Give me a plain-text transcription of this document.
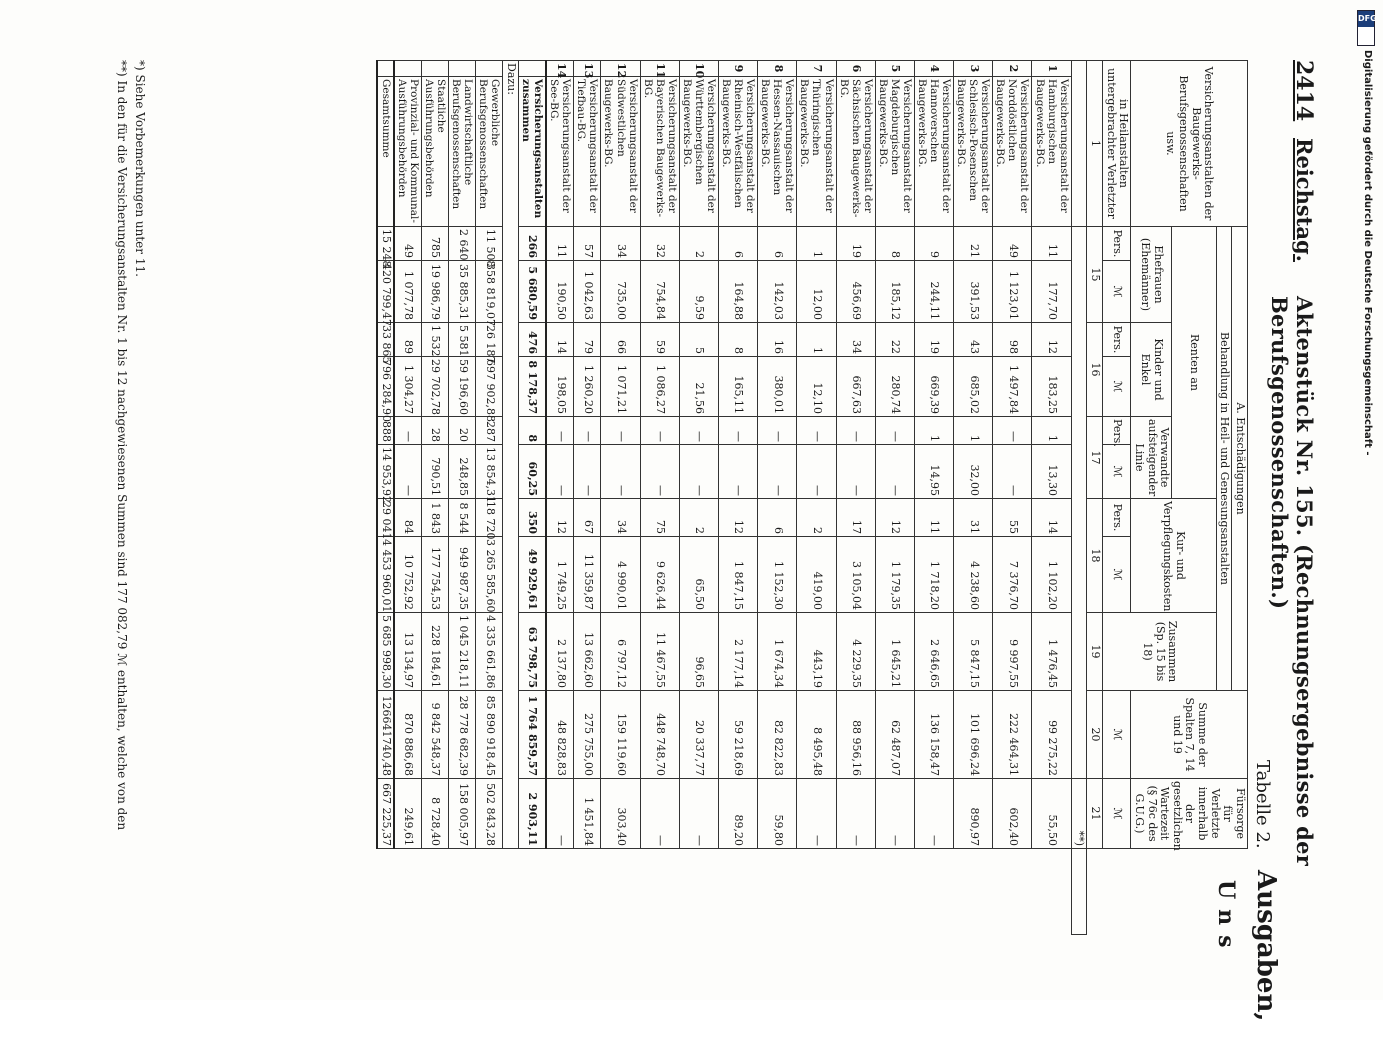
2414
Reichstag.
Aktenstück Nr. 155. (Rechnungsergebnisse der Berufsgenossenschaften.)
Tabelle 2.
Ausgaben,
Uns
Versicherungsanstalten der Baugewerks-Berufsgenossenschaften usw.		A. Entschädigungen									Summe der Spalten 7, 14 und 19	Fürsorge für Verletzte innerhalb der gesetzlichen Wartezeit (§ 76c des G.U.G.)	
		Behandlung in Heil- und Genesungsanstalten											
		Renten an						Kur- und Verpflegungskosten		Zusammen (Sp. 15 bis 18)			
		Ehefrauen (Ehemänner)		Kinder und Enkel		Verwandte aufsteigender Linie							
in Heilanstalten untergebrachter Verletzter		Pers.	ℳ	Pers.	ℳ	Pers.	ℳ	Pers.	ℳ		ℳ	ℳ	
1		15		16		17		18		19	20	21	
												**)	
1	Versicherungsanstalt der Hamburgischen Baugewerks-BG.	11	177,70	12	183,25	1	13,30	14	1 102,20	1 476,45	99 275,22	55,50	
2	Versicherungsanstalt der Norddöstlichen Baugewerks-BG.	49	1 123,01	98	1 497,84	—	—	55	7 376,70	9 997,55	222 464,31	602,40	
3	Versicherungsanstalt der Schlesisch-Posenschen Baugewerks-BG.	21	391,53	43	685,02	1	32,00	31	4 238,60	5 847,15	101 696,24	890,97	
4	Versicherungsanstalt der Hannoverschen Baugewerks-BG.	9	244,11	19	669,39	1	14,95	11	1 718,20	2 646,65	136 158,47	—	
5	Versicherungsanstalt der Magdeburgischen Baugewerks-BG.	8	185,12	22	280,74	—	—	12	1 179,35	1 645,21	62 487,07	—	
6	Versicherungsanstalt der Sächsischen Baugewerks-BG.	19	456,69	34	667,63	—	—	17	3 105,04	4 229,35	88 956,16	—	
7	Versicherungsanstalt der Thüringischen Baugewerks-BG.	1	12,00	1	12,10	—	—	2	419,00	443,19	8 495,48	—	
8	Versicherungsanstalt der Hessen-Nassauischen Baugewerks-BG.	6	142,03	16	380,01	—	—	6	1 152,30	1 674,34	82 822,83	59,80	
9	Versicherungsanstalt der Rheinisch-Westfälischen Baugewerks-BG.	6	164,88	8	165,11	—	—	12	1 847,15	2 177,14	59 218,69	89,20	
10	Versicherungsanstalt der Württembergischen Baugewerks-BG.	2	9,59	5	21,56	—	—	2	65,50	96,65	20 337,77	—	
11	Versicherungsanstalt der Bayerischen Baugewerks-BG.	32	754,84	59	1 086,27	—	—	75	9 626,44	11 467,55	448 748,70	—	
12	Versicherungsanstalt der Südwestlichen Baugewerks-BG.	34	735,00	66	1 071,21	—	—	34	4 990,01	6 797,12	159 119,60	303,40	
13	Versicherungsanstalt der Tiefbau-BG.	57	1 042,63	79	1 260,20	—	—	67	11 359,87	13 662,60	275 755,00	1 451,84	
14	Versicherungsanstalt der See-BG.	11	190,50	14	198,05	—	—	12	1 749,25	2 137,80	48 828,83	—	
	Versicherungsanstalten zusammen	266	5 680,59	476	8 178,37	8	60,25	350	49 929,61	63 798,75	1 764 859,57	2 903,11	
Dazu:													
	Gewerbliche Berufsgenossenschaften	11 508	358 819,07	26 187	697 902,88	287	13 854,31	18 720	3 265 585,60	4 335 661,86	85 890 918,45	502 843,28	
	Landwirtschaftliche Berufsgenossenschaften	2 640	35 885,31	5 581	59 196,60	20	248,85	8 544	949 987,35	1 045 218,11	28 778 682,39	158 005,97	
	Staatliche Ausführungsbehörden	785	19 986,79	1 532	29 702,78	28	790,51	1 843	177 754,53	228 184,61	9 842 548,37	8 728,40	
	Provinzial- und Kommunal-Ausführungsbehörden	49	1 077,78	89	1 304,27	—	—	84	10 752,92	13 134,97	870 886,68	249,61	
	Gesamtsumme	15 248	420 799,47	33 865	796 284,90	888	14 953,92	29 041	4 453 960,01	5 685 998,30	126641740,48	667 225,37	
*) Siehe Vorbemerkungen unter 11.
**) In den für die Versicherungsanstalten Nr. 1 bis 12 nachgewiesenen Summen sind 177 082,79 ℳ enthalten, welche von den
DFG
Digitalisierung gefördert durch die Deutsche Forschungsgemeinschaft -
